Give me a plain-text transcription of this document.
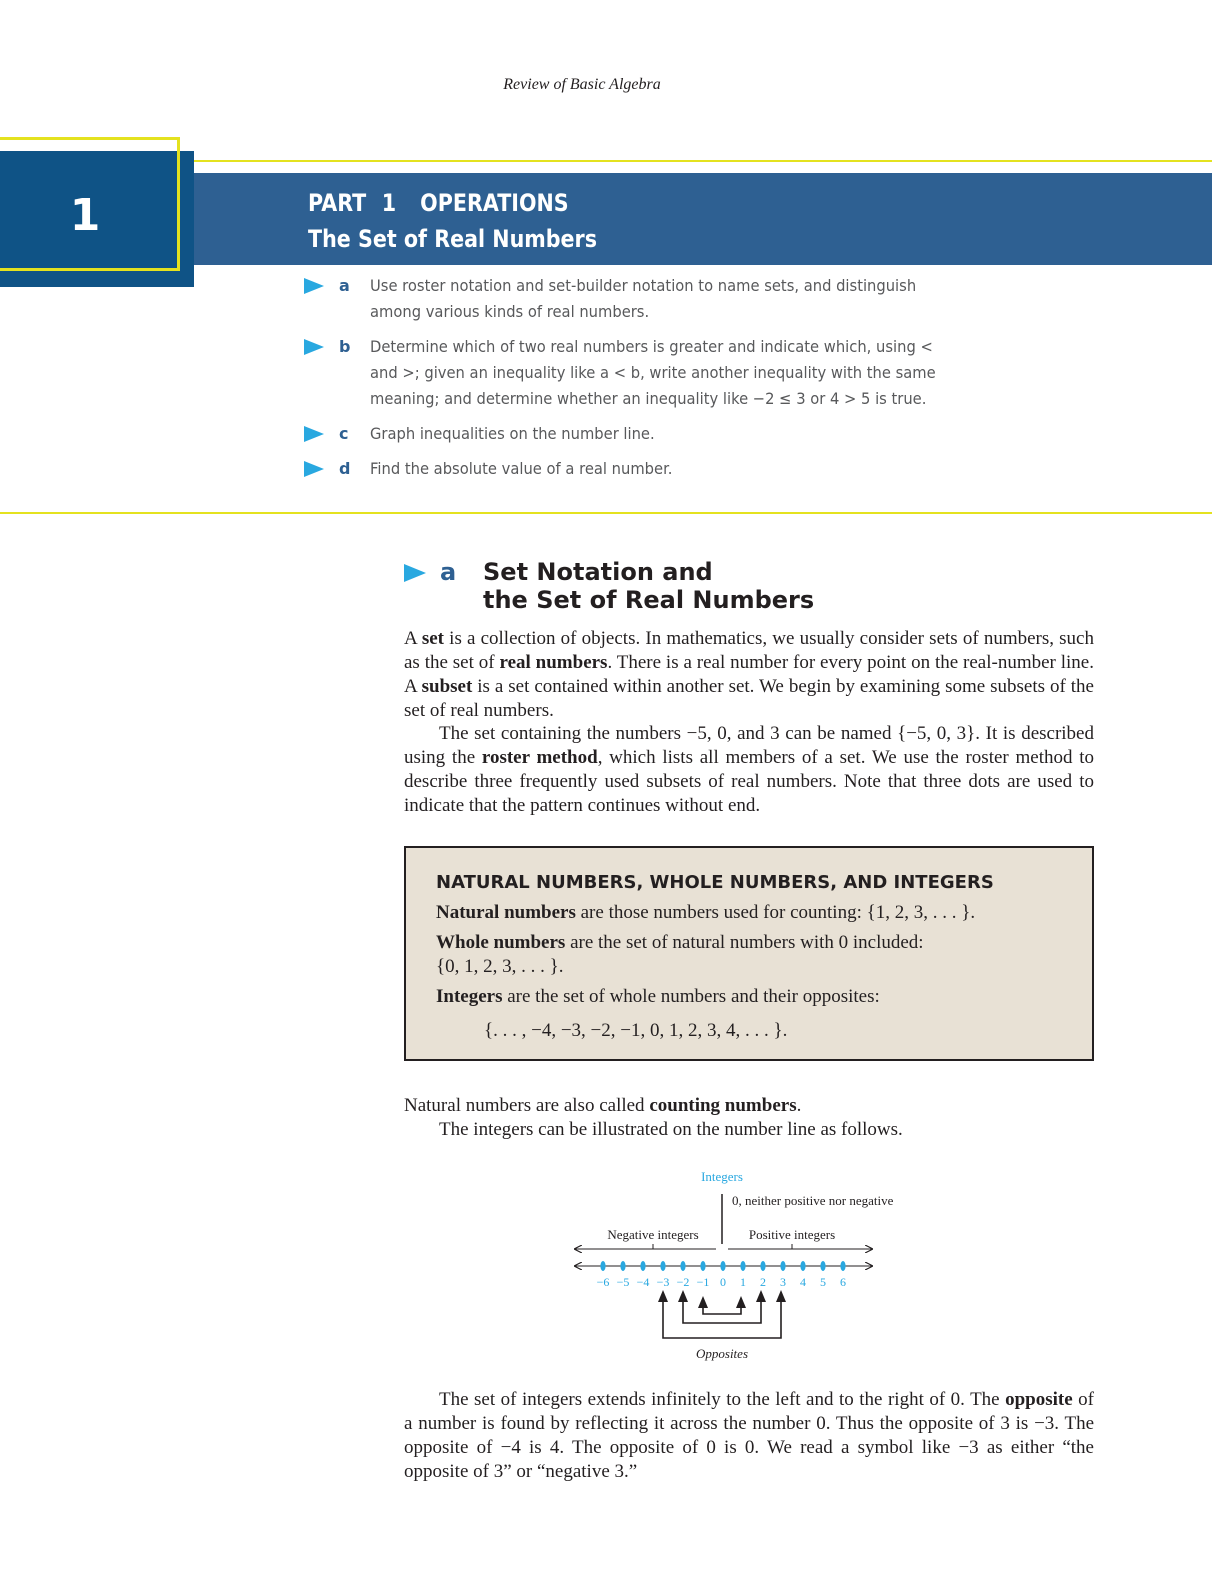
Review of Basic Algebra
1	PART 1 OPERATIONS
The Set of Real Numbers
a Use roster notation and set-builder notation to name sets, and distinguish among various kinds of real numbers.
b Determine which of two real numbers is greater and indicate which, using < and >; given an inequality like a < b, write another inequality with the same meaning; and determine whether an inequality like −2 ≤ 3 or 4 > 5 is true.
c Graph inequalities on the number line.
d Find the absolute value of a real number.
a Set Notation and
the Set of Real Numbers
A set is a collection of objects. In mathematics, we usually consider sets of numbers, such as the set of real numbers. There is a real number for every point on the real-number line. A subset is a set contained within another set. We begin by examining some subsets of the set of real numbers.
The set containing the numbers −5, 0, and 3 can be named {−5, 0, 3}. It is described using the roster method, which lists all members of a set. We use the roster method to describe three frequently used subsets of real numbers. Note that three dots are used to indicate that the pattern continues without end.
NATURAL NUMBERS, WHOLE NUMBERS, AND INTEGERS
Natural numbers are those numbers used for counting: {1, 2, 3, . . . }.
Whole numbers are the set of natural numbers with 0 included:
{0, 1, 2, 3, . . . }.
Integers are the set of whole numbers and their opposites:
{. . . , −4, −3, −2, −1, 0, 1, 2, 3, 4, . . . }.
Natural numbers are also called counting numbers.
The integers can be illustrated on the number line as follows.
Integers
0, neither positive nor negative
Negative integers	Positive integers
−6 −5 −4 −3 −2 −1 0 1 2 3 4 5 6
Opposites
The set of integers extends infinitely to the left and to the right of 0. The opposite of a number is found by reflecting it across the number 0. Thus the opposite of 3 is −3. The opposite of −4 is 4. The opposite of 0 is 0. We read a symbol like −3 as either “the opposite of 3” or “negative 3.”
